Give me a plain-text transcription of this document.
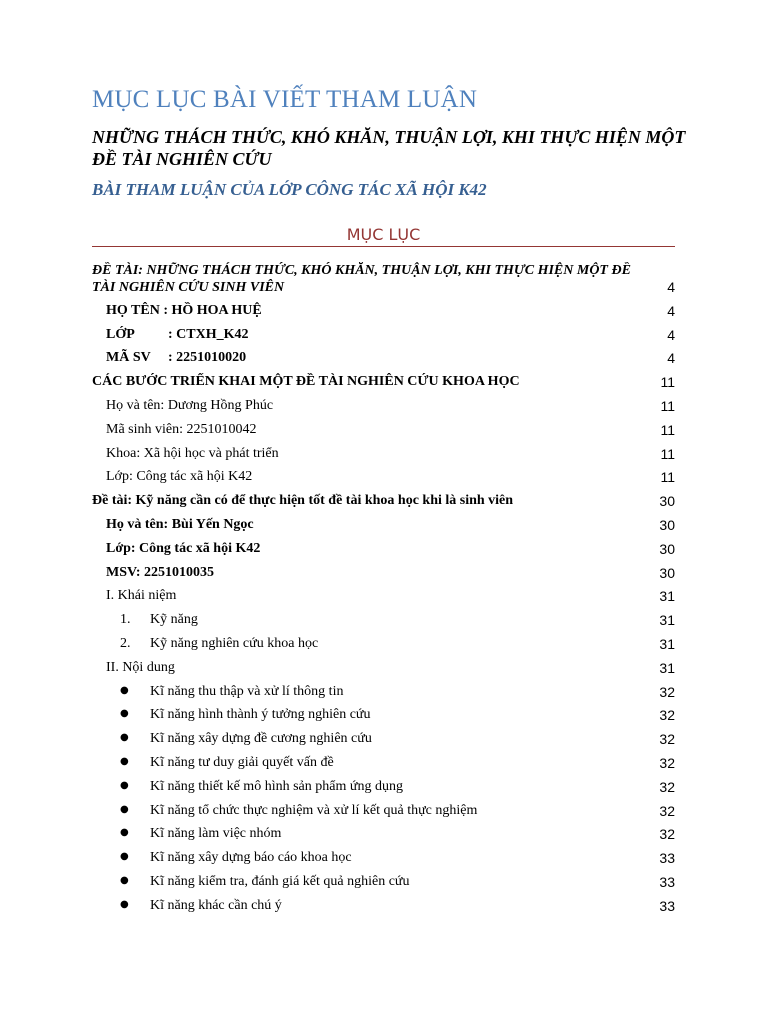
MỤC LỤC BÀI VIẾT THAM LUẬN
NHỮNG THÁCH THỨC, KHÓ KHĂN, THUẬN LỢI, KHI THỰC HIỆN MỘT ĐỀ TÀI NGHIÊN CỨU
BÀI THAM LUẬN CỦA LỚP CÔNG TÁC XÃ HỘI K42
MỤC LỤC
ĐỀ TÀI: NHỮNG THÁCH THỨC, KHÓ KHĂN, THUẬN LỢI, KHI THỰC HIỆN MỘT ĐỀ TÀI NGHIÊN CỨU SINH VIÊN	4
HỌ TÊN : HỒ HOA HUỆ	4
LỚP : CTXH_K42	4
MÃ SV : 2251010020	4
CÁC BƯỚC TRIỂN KHAI MỘT ĐỀ TÀI NGHIÊN CỨU KHOA HỌC	11
Họ và tên: Dương Hồng Phúc	11
Mã sinh viên: 2251010042	11
Khoa: Xã hội học và phát triển	11
Lớp: Công tác xã hội K42	11
Đề tài: Kỹ năng cần có để thực hiện tốt đề tài khoa học khi là sinh viên	30
Họ và tên: Bùi Yến Ngọc	30
Lớp: Công tác xã hội K42	30
MSV: 2251010035	30
I. Khái niệm	31
1. Kỹ năng	31
2. Kỹ năng nghiên cứu khoa học	31
II. Nội dung	31
● Kĩ năng thu thập và xử lí thông tin	32
● Kĩ năng hình thành ý tưởng nghiên cứu	32
● Kĩ năng xây dựng đề cương nghiên cứu	32
● Kĩ năng tư duy giải quyết vấn đề	32
● Kĩ năng thiết kế mô hình sản phẩm ứng dụng	32
● Kĩ năng tổ chức thực nghiệm và xử lí kết quả thực nghiệm	32
● Kĩ năng làm việc nhóm	32
● Kĩ năng xây dựng báo cáo khoa học	33
● Kĩ năng kiểm tra, đánh giá kết quả nghiên cứu	33
● Kĩ năng khác cần chú ý	33
